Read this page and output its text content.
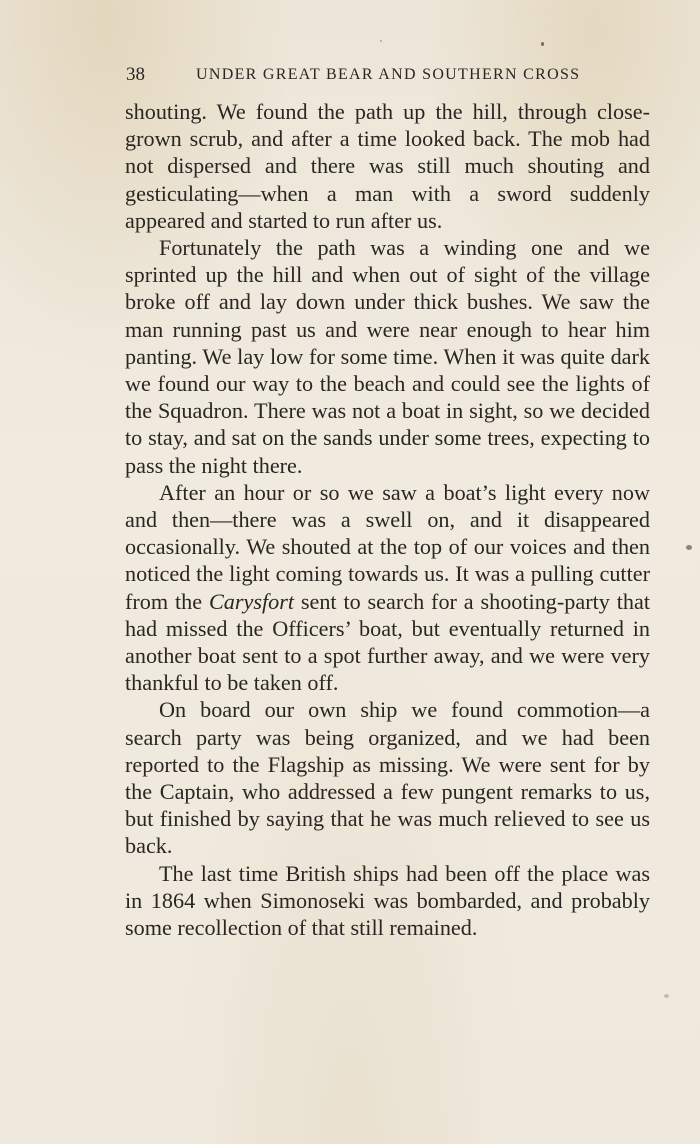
38	UNDER GREAT BEAR AND SOUTHERN CROSS

shouting. We found the path up the hill, through close-grown scrub, and after a time looked back. The mob had not dispersed and there was still much shouting and gesticulating—when a man with a sword suddenly appeared and started to run after us.

Fortunately the path was a winding one and we sprinted up the hill and when out of sight of the village broke off and lay down under thick bushes. We saw the man running past us and were near enough to hear him panting. We lay low for some time. When it was quite dark we found our way to the beach and could see the lights of the Squadron. There was not a boat in sight, so we decided to stay, and sat on the sands under some trees, expecting to pass the night there.

After an hour or so we saw a boat’s light every now and then—there was a swell on, and it disappeared occasionally. We shouted at the top of our voices and then noticed the light coming towards us. It was a pulling cutter from the Carysfort sent to search for a shooting-party that had missed the Officers’ boat, but eventually returned in another boat sent to a spot further away, and we were very thankful to be taken off.

On board our own ship we found commotion—a search party was being organized, and we had been reported to the Flagship as missing. We were sent for by the Captain, who addressed a few pungent remarks to us, but finished by saying that he was much relieved to see us back.

The last time British ships had been off the place was in 1864 when Simonoseki was bombarded, and probably some recollection of that still remained.
